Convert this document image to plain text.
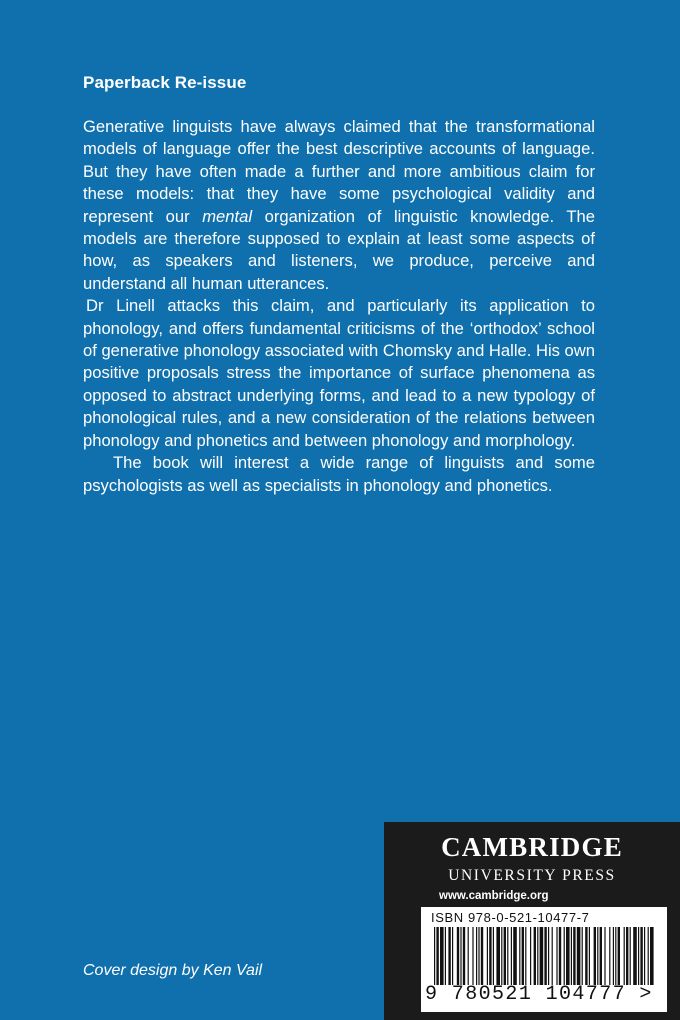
Paperback Re-issue

Generative linguists have always claimed that the transformational models of language offer the best descriptive accounts of language. But they have often made a further and more ambitious claim for these models: that they have some psychological validity and represent our mental organization of linguistic knowledge. The models are therefore supposed to explain at least some aspects of how, as speakers and listeners, we produce, perceive and understand all human utterances.

Dr Linell attacks this claim, and particularly its application to phonology, and offers fundamental criticisms of the ‘orthodox’ school of generative phonology associated with Chomsky and Halle. His own positive proposals stress the importance of surface phenomena as opposed to abstract underlying forms, and lead to a new typology of phonological rules, and a new consideration of the relations between phonology and phonetics and between phonology and morphology.

The book will interest a wide range of linguists and some psychologists as well as specialists in phonology and phonetics.

Cover design by Ken Vail
CAMBRIDGE
UNIVERSITY PRESS
www.cambridge.org
ISBN 978-0-521-10477-7
9 780521 104777 >
